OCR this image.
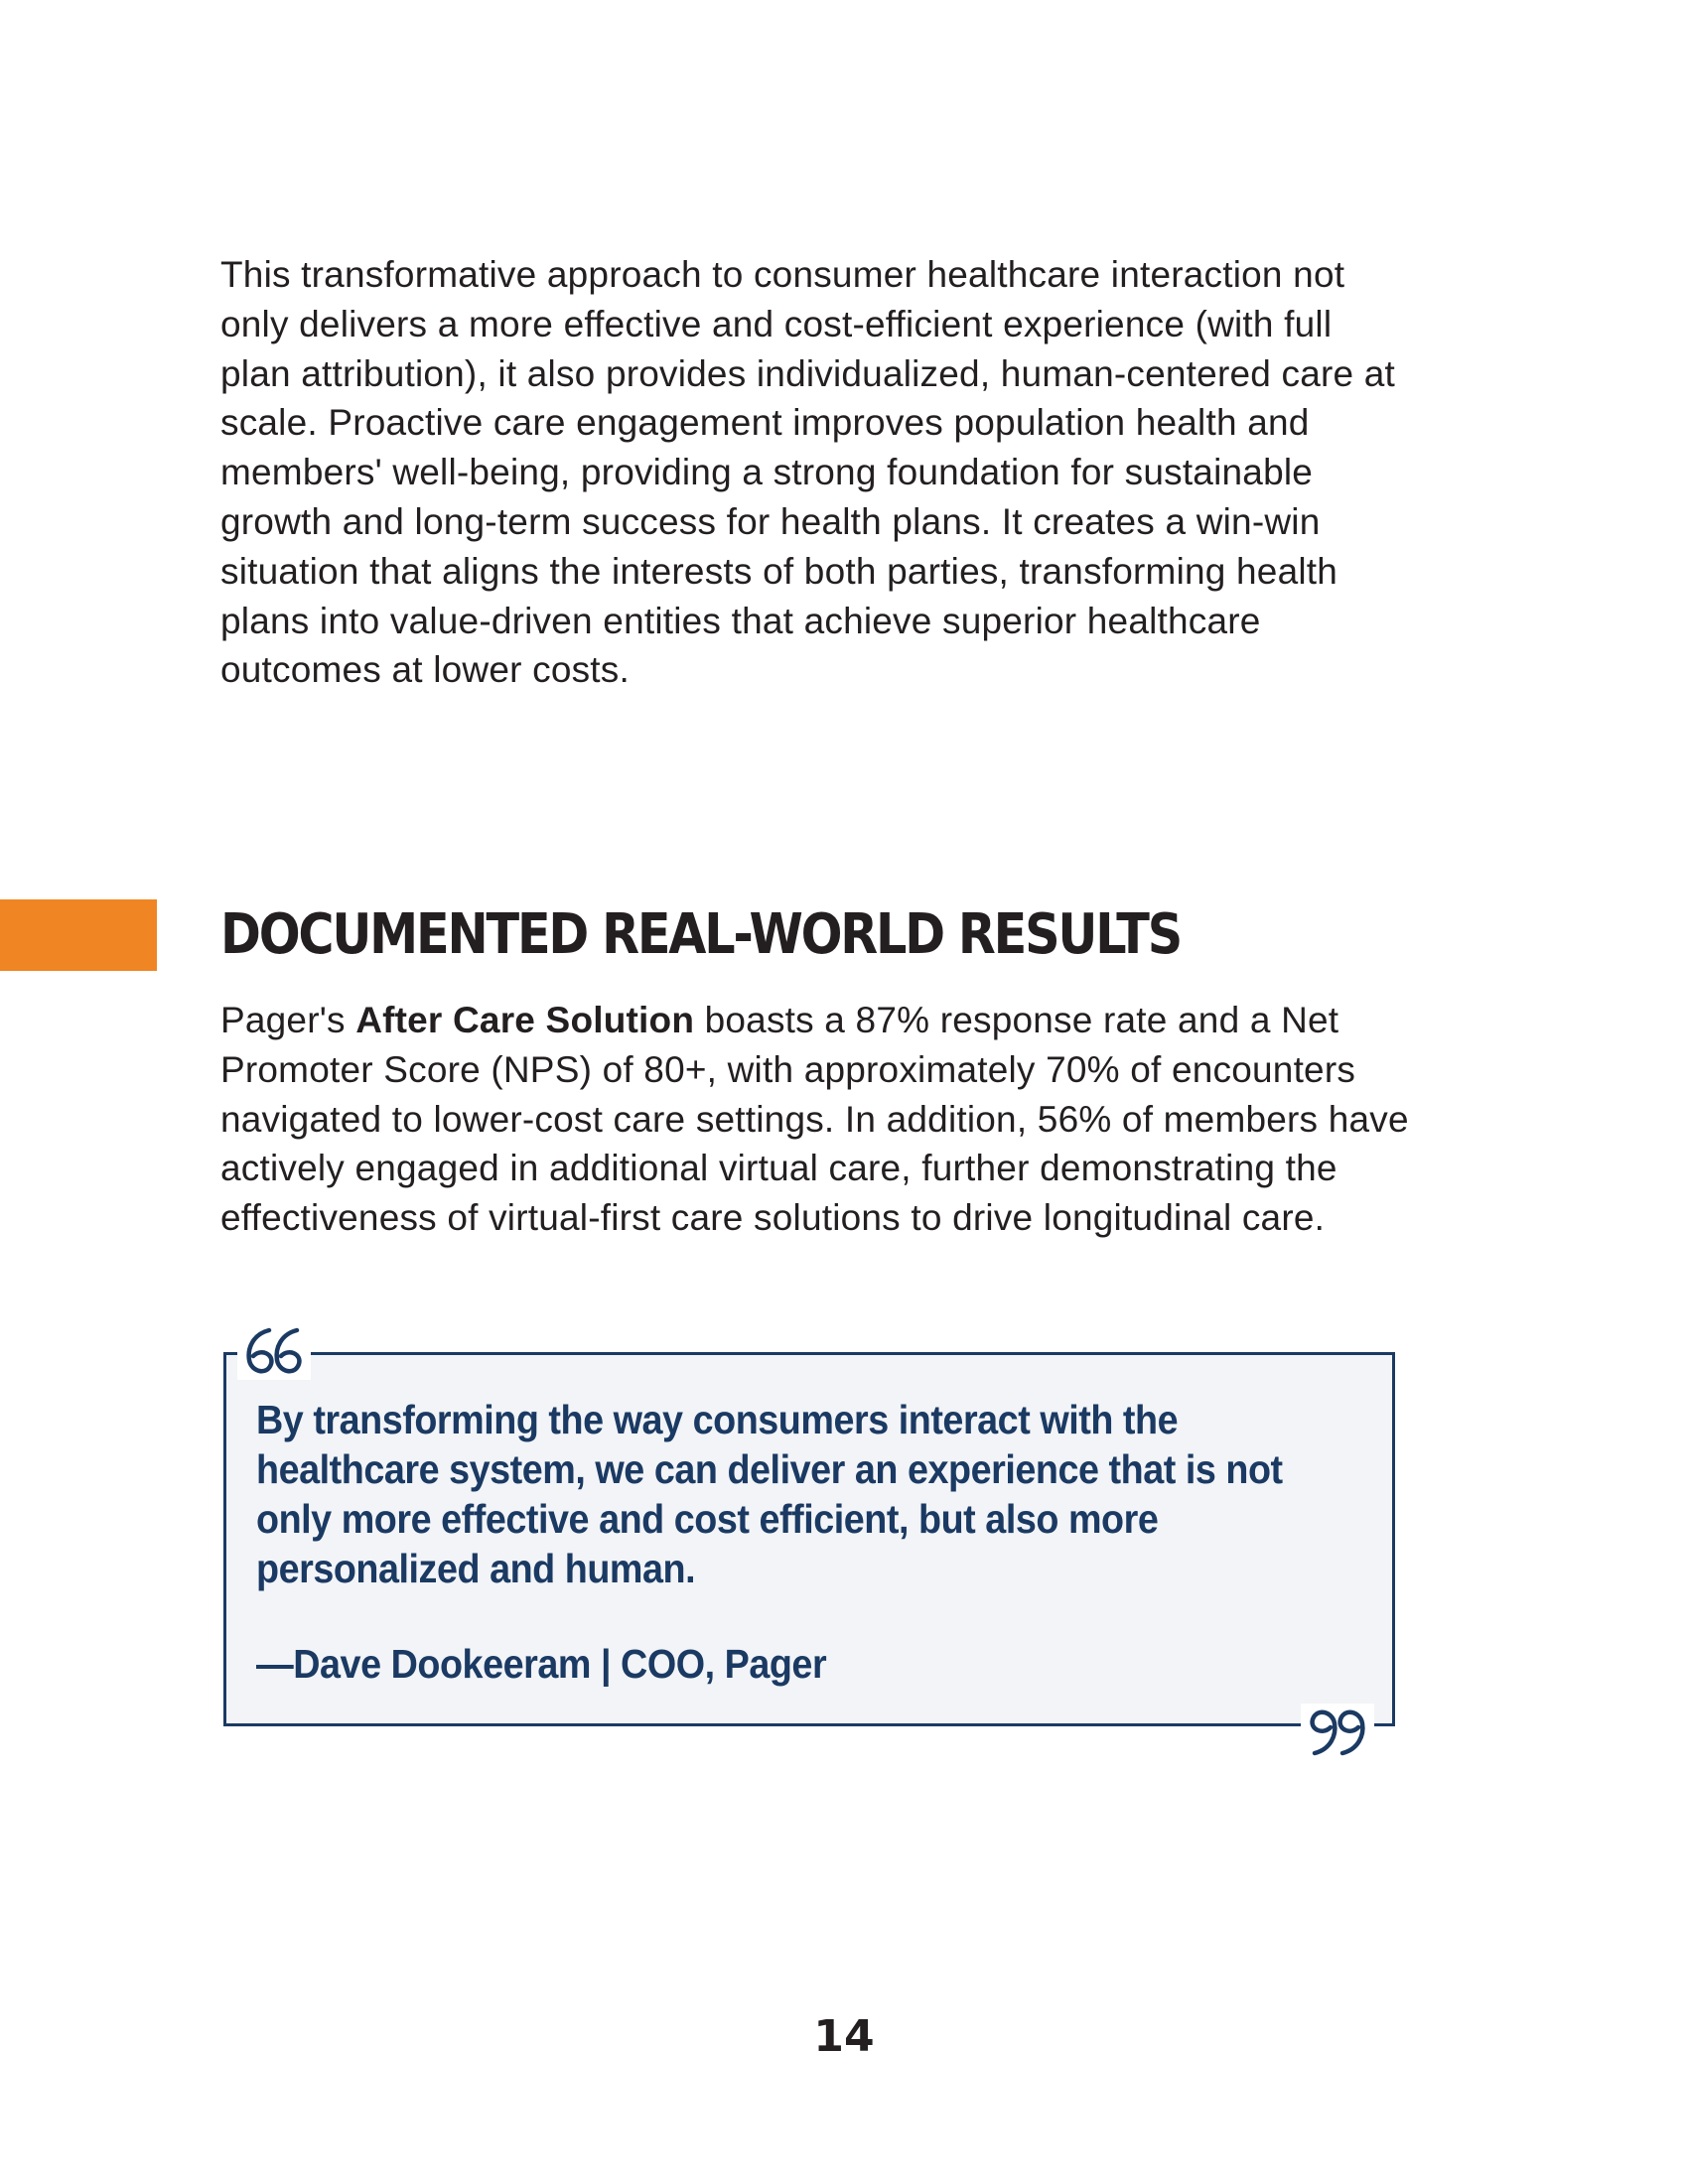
This transformative approach to consumer healthcare interaction not only delivers a more effective and cost-efficient experience (with full plan attribution), it also provides individualized, human-centered care at scale. Proactive care engagement improves population health and members' well-being, providing a strong foundation for sustainable growth and long-term success for health plans. It creates a win-win situation that aligns the interests of both parties, transforming health plans into value-driven entities that achieve superior healthcare outcomes at lower costs.

DOCUMENTED REAL-WORLD RESULTS

Pager's After Care Solution boasts a 87% response rate and a Net Promoter Score (NPS) of 80+, with approximately 70% of encounters navigated to lower-cost care settings. In addition, 56% of members have actively engaged in additional virtual care, further demonstrating the effectiveness of virtual-first care solutions to drive longitudinal care.

By transforming the way consumers interact with the healthcare system, we can deliver an experience that is not only more effective and cost efficient, but also more personalized and human.

—Dave Dookeeram | COO, Pager

14
